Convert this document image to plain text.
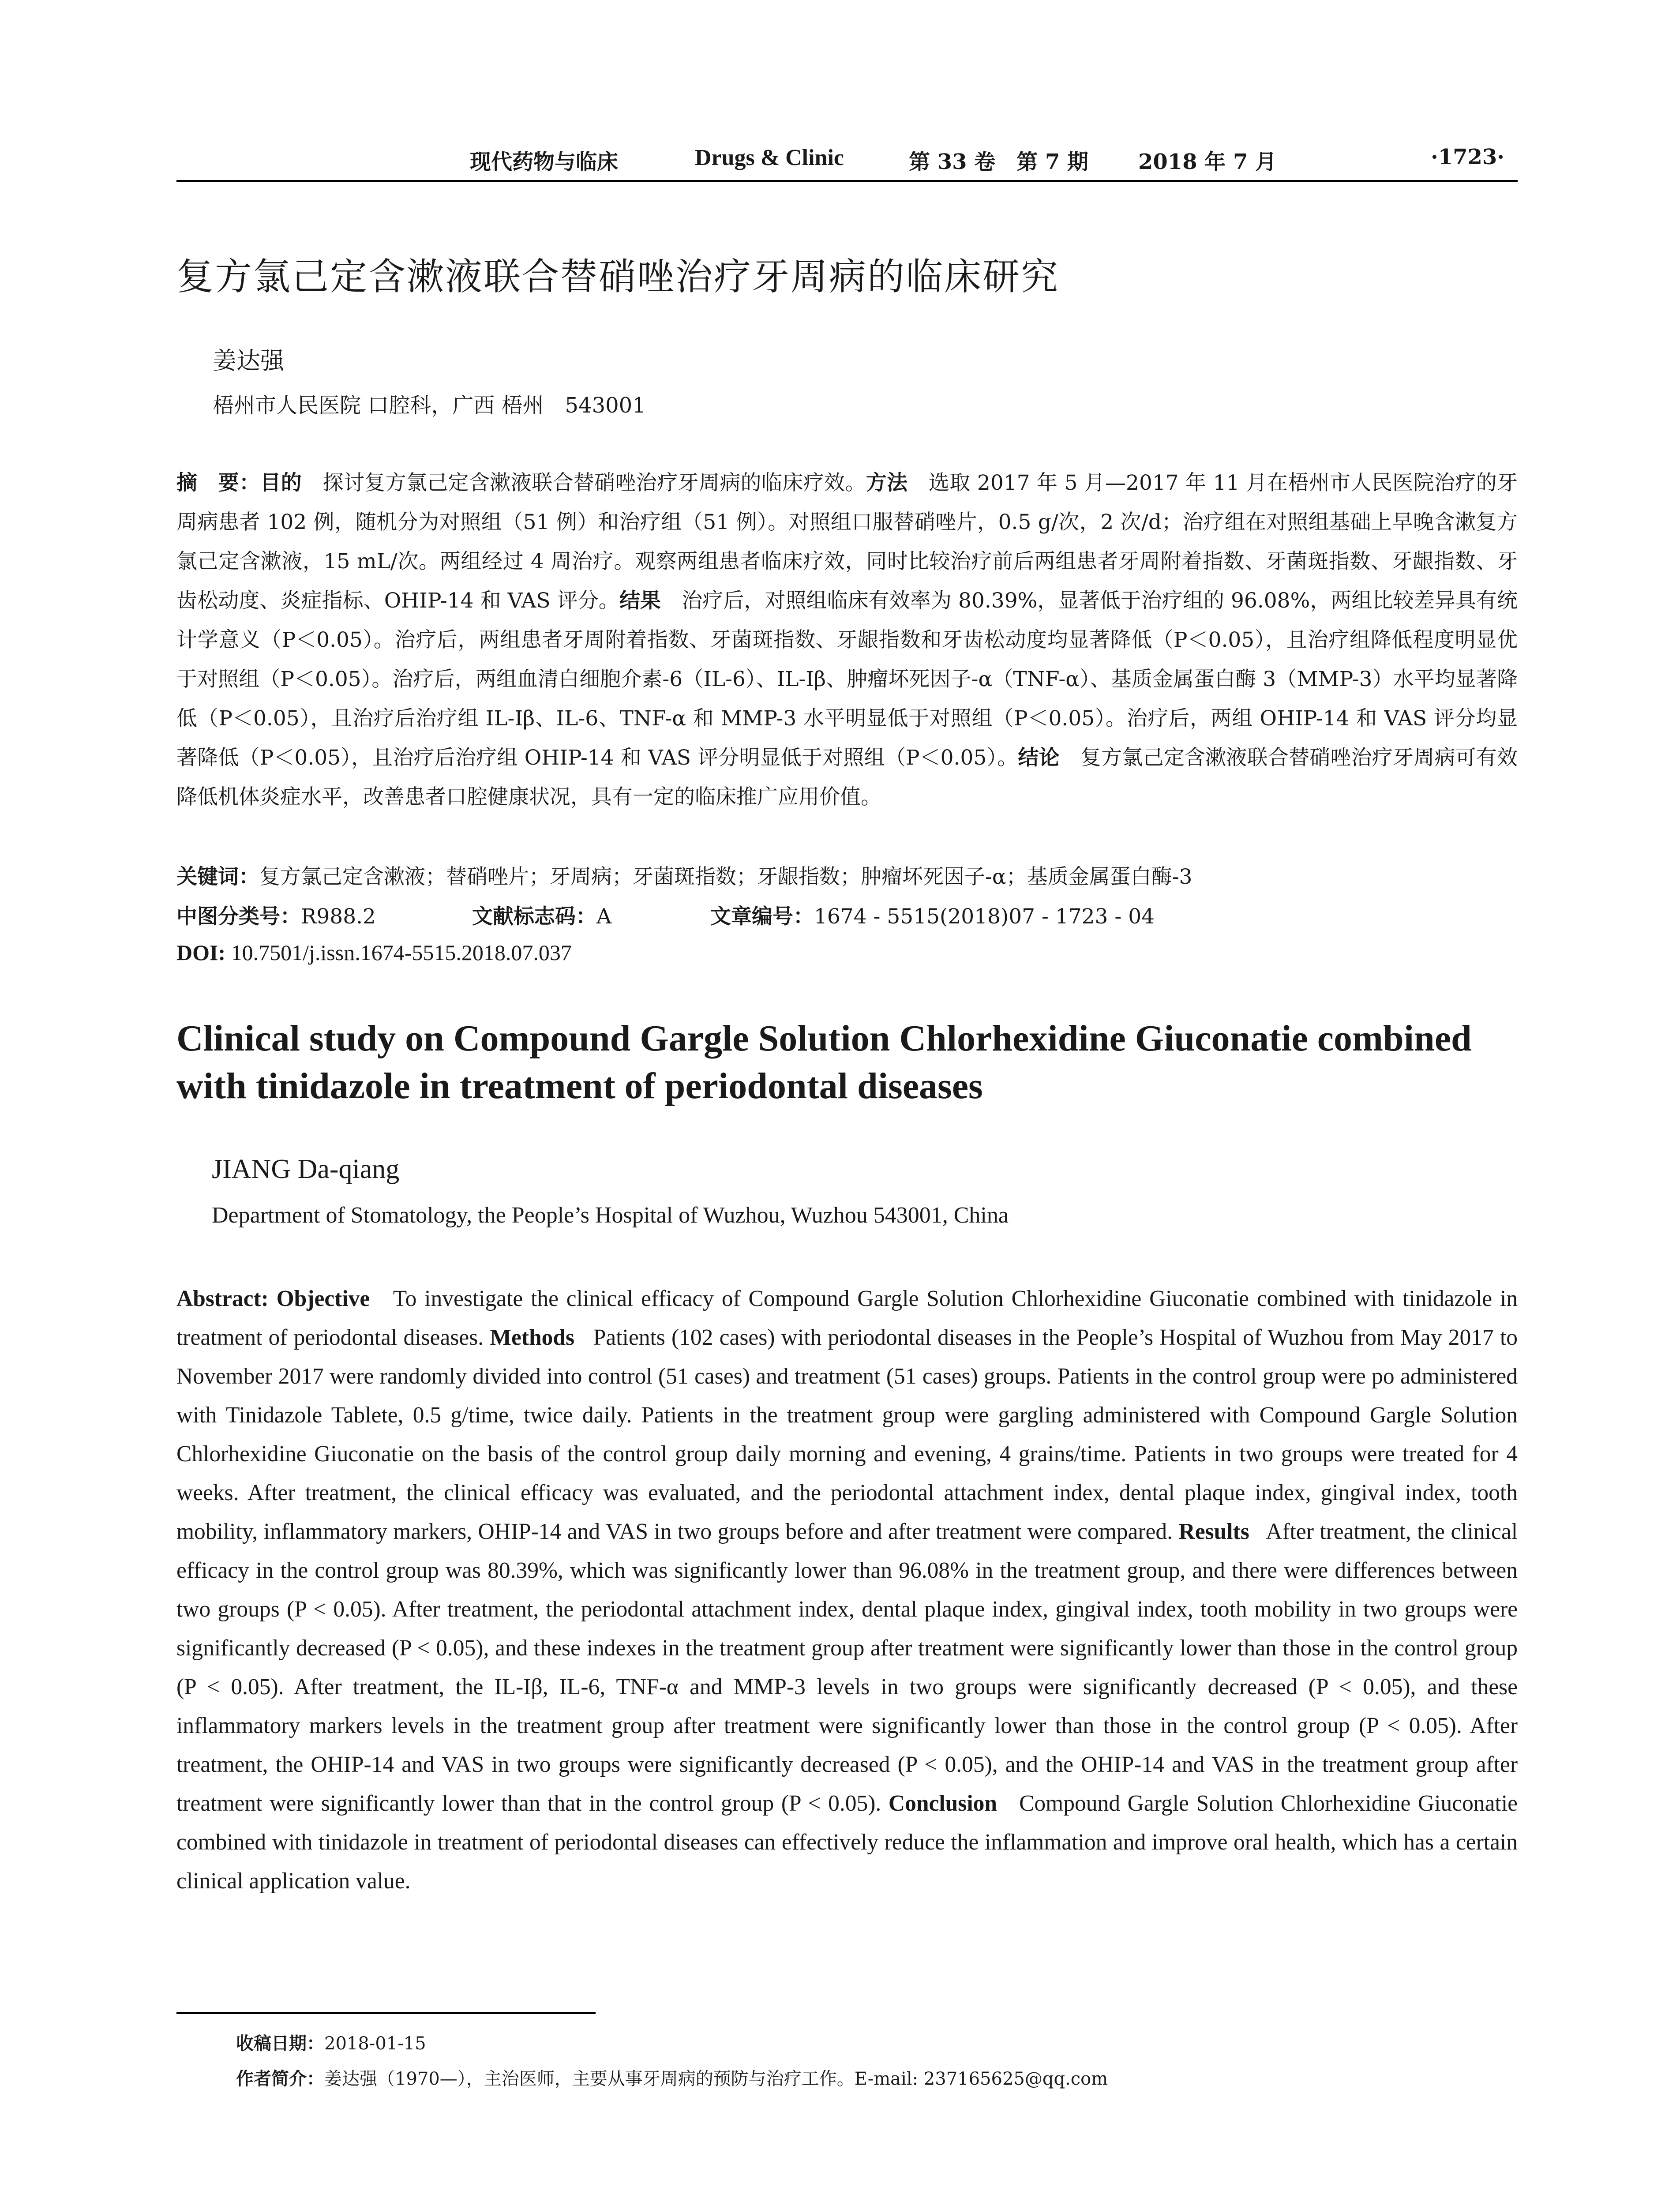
现代药物与临床	Drugs & Clinic	第 33 卷　第 7 期 2018 年 7 月	·1723·
复方氯己定含漱液联合替硝唑治疗牙周病的临床研究
姜达强
梧州市人民医院 口腔科，广西 梧州　543001
摘　要：目的　 探讨复方氯己定含漱液联合替硝唑治疗牙周病的临床疗效。方法　 选取 2017 年 5 月—2017 年 11 月在梧州市人民医院治疗的牙周病患者 102 例，随机分为对照组（51 例）和治疗组（51 例）。对照组口服替硝唑片，0.5 g/次，2 次/d；治疗组在对照组基础上早晚含漱复方氯己定含漱液，15 mL/次。两组经过 4 周治疗。观察两组患者临床疗效，同时比较治疗前后两组患者牙周附着指数、牙菌斑指数、牙龈指数、牙齿松动度、炎症指标、OHIP-14 和 VAS 评分。结果　 治疗后，对照组临床有效率为 80.39%，显著低于治疗组的 96.08%，两组比较差异具有统计学意义（P＜0.05）。治疗后，两组患者牙周附着指数、牙菌斑指数、牙龈指数和牙齿松动度均显著降低（P＜0.05），且治疗组降低程度明显优于对照组（P＜0.05）。治疗后，两组血清白细胞介素-6（IL-6）、IL-Iβ、肿瘤坏死因子-α（TNF-α）、基质金属蛋白酶 3（MMP-3）水平均显著降低（P＜0.05），且治疗后治疗组 IL-Iβ、IL-6、TNF-α 和 MMP-3 水平明显低于对照组（P＜0.05）。治疗后，两组 OHIP-14 和 VAS 评分均显著降低（P＜0.05），且治疗后治疗组 OHIP-14 和 VAS 评分明显低于对照组（P＜0.05）。结论　 复方氯己定含漱液联合替硝唑治疗牙周病可有效降低机体炎症水平，改善患者口腔健康状况，具有一定的临床推广应用价值。
关键词：复方氯己定含漱液；替硝唑片；牙周病；牙菌斑指数；牙龈指数；肿瘤坏死因子-α；基质金属蛋白酶-3
中图分类号：R988.2	文献标志码：A	文章编号：1674 - 5515(2018)07 - 1723 - 04
DOI: 10.7501/j.issn.1674-5515.2018.07.037
Clinical study on Compound Gargle Solution Chlorhexidine Giuconatie combined with tinidazole in treatment of periodontal diseases
JIANG Da-qiang
Department of Stomatology, the People’s Hospital of Wuzhou, Wuzhou 543001, China
Abstract: Objective To investigate the clinical efficacy of Compound Gargle Solution Chlorhexidine Giuconatie combined with tinidazole in treatment of periodontal diseases. Methods Patients (102 cases) with periodontal diseases in the People’s Hospital of Wuzhou from May 2017 to November 2017 were randomly divided into control (51 cases) and treatment (51 cases) groups. Patients in the control group were po administered with Tinidazole Tablete, 0.5 g/time, twice daily. Patients in the treatment group were gargling administered with Compound Gargle Solution Chlorhexidine Giuconatie on the basis of the control group daily morning and evening, 4 grains/time. Patients in two groups were treated for 4 weeks. After treatment, the clinical efficacy was evaluated, and the periodontal attachment index, dental plaque index, gingival index, tooth mobility, inflammatory markers, OHIP-14 and VAS in two groups before and after treatment were compared. Results After treatment, the clinical efficacy in the control group was 80.39%, which was significantly lower than 96.08% in the treatment group, and there were differences between two groups (P < 0.05). After treatment, the periodontal attachment index, dental plaque index, gingival index, tooth mobility in two groups were significantly decreased (P < 0.05), and these indexes in the treatment group after treatment were significantly lower than those in the control group (P < 0.05). After treatment, the IL-Iβ, IL-6, TNF-α and MMP-3 levels in two groups were significantly decreased (P < 0.05), and these inflammatory markers levels in the treatment group after treatment were significantly lower than those in the control group (P < 0.05). After treatment, the OHIP-14 and VAS in two groups were significantly decreased (P < 0.05), and the OHIP-14 and VAS in the treatment group after treatment were significantly lower than that in the control group (P < 0.05). Conclusion Compound Gargle Solution Chlorhexidine Giuconatie combined with tinidazole in treatment of periodontal diseases can effectively reduce the inflammation and improve oral health, which has a certain clinical application value.
收稿日期：2018-01-15
作者简介：姜达强（1970—），主治医师，主要从事牙周病的预防与治疗工作。E-mail: 237165625@qq.com
